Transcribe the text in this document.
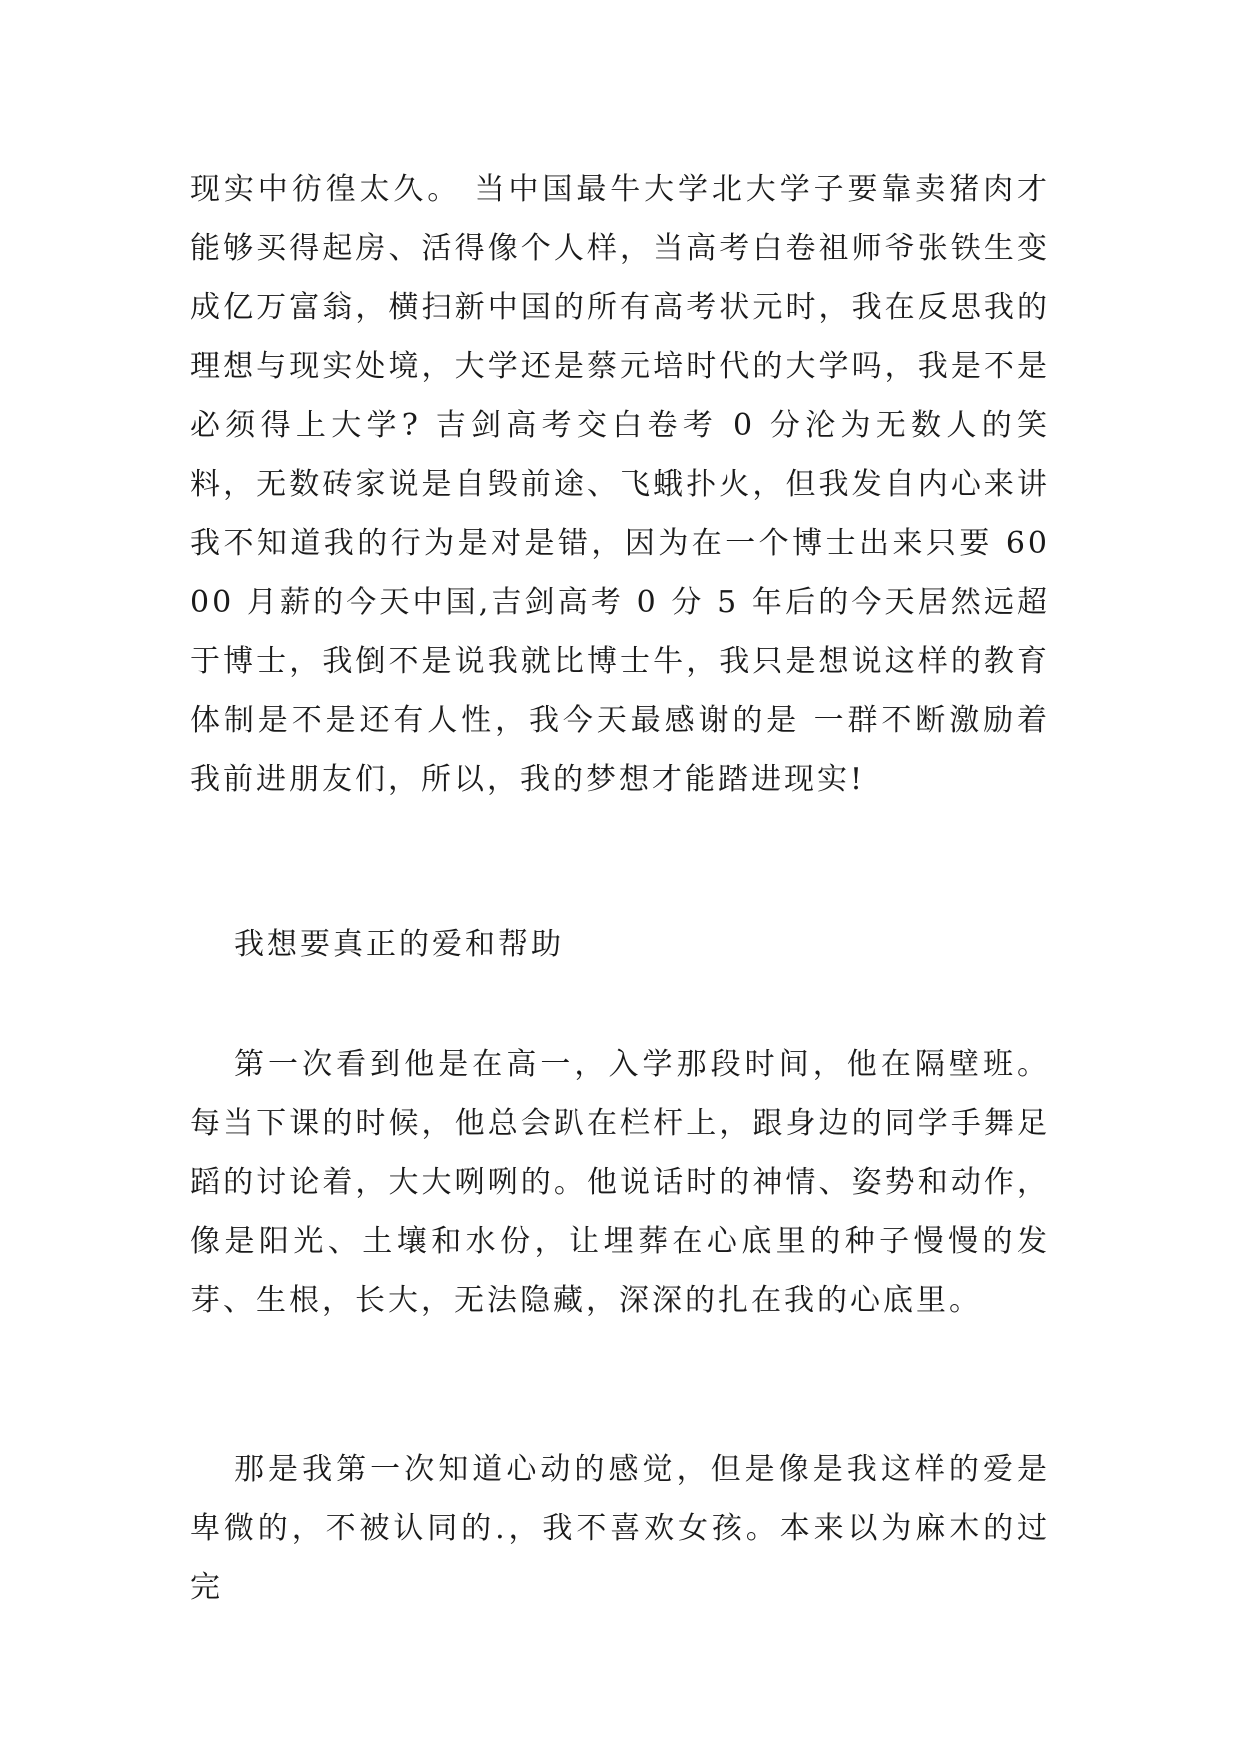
现实中彷徨太久。 当中国最牛大学北大学子要靠卖猪肉才能够买得起房、活得像个人样，当高考白卷祖师爷张铁生变成亿万富翁，横扫新中国的所有高考状元时，我在反思我的理想与现实处境，大学还是蔡元培时代的大学吗，我是不是必须得上大学? 吉剑高考交白卷考 0 分沦为无数人的笑料，无数砖家说是自毁前途、飞蛾扑火，但我发自内心来讲我不知道我的行为是对是错，因为在一个博士出来只要 6000 月薪的今天中国,吉剑高考 0 分 5 年后的今天居然远超于博士，我倒不是说我就比博士牛，我只是想说这样的教育体制是不是还有人性，我今天最感谢的是 一群不断激励着我前进朋友们，所以，我的梦想才能踏进现实!

我想要真正的爱和帮助

第一次看到他是在高一，入学那段时间，他在隔壁班。每当下课的时候，他总会趴在栏杆上，跟身边的同学手舞足蹈的讨论着，大大咧咧的。他说话时的神情、姿势和动作，像是阳光、土壤和水份，让埋葬在心底里的种子慢慢的发芽、生根，长大，无法隐藏，深深的扎在我的心底里。

那是我第一次知道心动的感觉，但是像是我这样的爱是卑微的，不被认同的.，我不喜欢女孩。本来以为麻木的过完
